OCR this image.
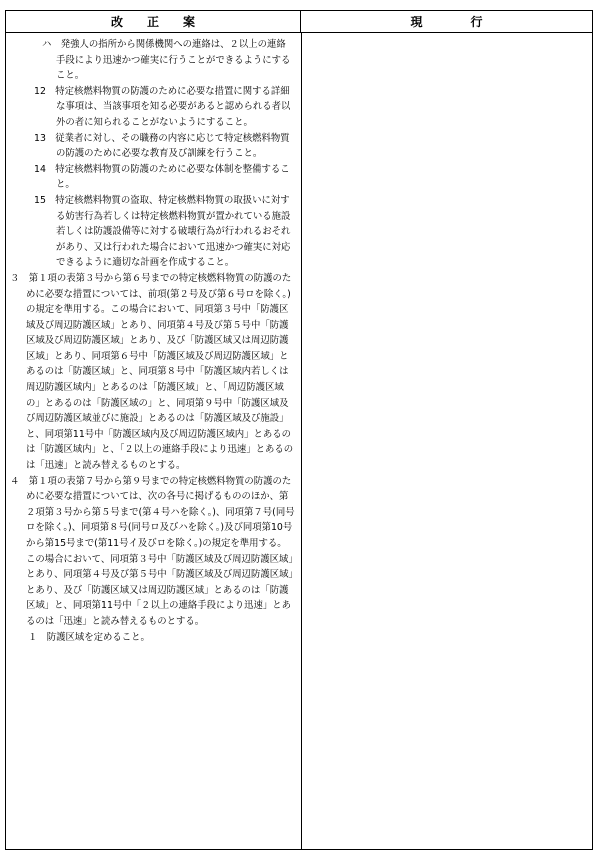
改　　正　　案	現　　　　行

ハ　発強人の指所から関係機関への連絡は、２以上の連絡手段により迅速かつ確実に行うことができるようにすること。

12　特定核燃料物質の防護のために必要な措置に関する詳細な事項は、当該事項を知る必要があると認められる者以外の者に知られることがないようにすること。

13　従業者に対し、その職務の内容に応じて特定核燃料物質の防護のために必要な教育及び訓練を行うこと。

14　特定核燃料物質の防護のために必要な体制を整備すること。

15　特定核燃料物質の盗取、特定核燃料物質の取扱いに対する妨害行為若しくは特定核燃料物質が置かれている施設若しくは防護設備等に対する破壊行為が行われるおそれがあり、又は行われた場合において迅速かつ確実に対応できるように適切な計画を作成すること。

３　第１項の表第３号から第６号までの特定核燃料物質の防護のために必要な措置については、前項(第２号及び第６号ロを除く。)の規定を準用する。この場合において、同項第３号中「防護区域及び周辺防護区域」とあり、同項第４号及び第５号中「防護区域及び周辺防護区域」とあり、及び「防護区域又は周辺防護区域」とあり、同項第６号中「防護区域及び周辺防護区域」とあるのは「防護区域」と、同項第８号中「防護区域内若しくは周辺防護区域内」とあるのは「防護区域」と、「周辺防護区域の」とあるのは「防護区域の」と、同項第９号中「防護区域及び周辺防護区域並びに施設」とあるのは「防護区域及び施設」と、同項第11号中「防護区域内及び周辺防護区域内」とあるのは「防護区域内」と、「２以上の連絡手段により迅速」とあるのは「迅速」と読み替えるものとする。

４　第１項の表第７号から第９号までの特定核燃料物質の防護のために必要な措置については、次の各号に掲げるもののほか、第２項第３号から第５号まで(第４号ハを除く。)、同項第７号(同号ロを除く。)、同項第８号(同号ロ及びハを除く。)及び同項第10号から第15号まで(第11号イ及びロを除く。)の規定を準用する。この場合において、同項第３号中「防護区域及び周辺防護区域」とあり、同項第４号及び第５号中「防護区域及び周辺防護区域」とあり、及び「防護区域又は周辺防護区域」とあるのは「防護区域」と、同項第11号中「２以上の連絡手段により迅速」とあるのは「迅速」と読み替えるものとする。

１　防護区域を定めること。
